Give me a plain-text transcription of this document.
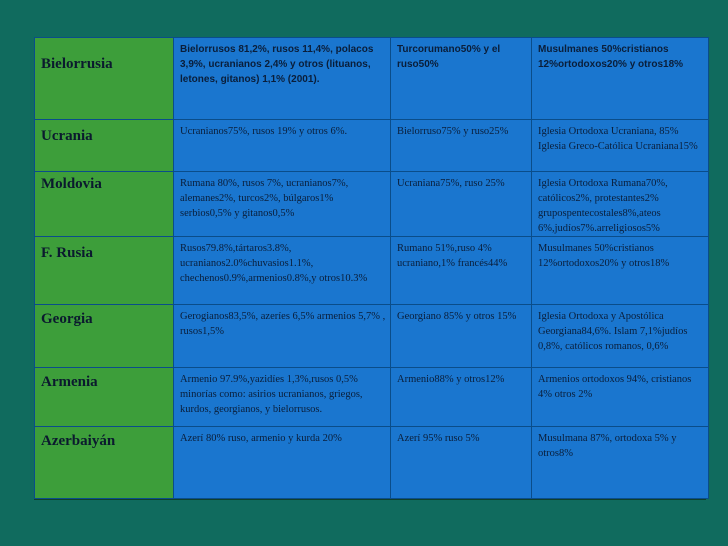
Bielorrusia	Bielorrusos 81,2%, rusos 11,4%, polacos 3,9%, ucranianos 2,4% y otros (lituanos, letones, gitanos) 1,1% (2001).	Turcorumano50% y el ruso50%	Musulmanes 50%cristianos 12%ortodoxos20% y otros18%

Ucrania	Ucranianos75%, rusos 19% y otros 6%.	Bielorruso75% y ruso25%	Iglesia Ortodoxa Ucraniana, 85% Iglesia Greco-Católica Ucraniana15%

Moldovia	Rumana 80%, rusos 7%, ucranianos7%, alemanes2%, turcos2%, búlgaros1% serbios0,5% y gitanos0,5%	Ucraniana75%, ruso 25%	Iglesia Ortodoxa Rumana70%, católicos2%, protestantes2% grupospentecostales8%,ateos 6%,judíos7%.arreligiosos5%

F. Rusia	Rusos79.8%,tártaros3.8%, ucranianos2.0%chuvasios1.1%, chechenos0.9%,armenios0.8%,y otros10.3%	Rumano 51%,ruso 4% ucraniano,1% francés44%	Musulmanes 50%cristianos 12%ortodoxos20% y otros18%

Georgia	Gerogianos83,5%, azeríes 6,5% armenios 5,7% , rusos1,5%	Georgiano 85% y otros 15%	Iglesia Ortodoxa y Apostólica Georgiana84,6%. Islam 7,1%judíos 0,8%, católicos romanos, 0,6%

Armenia	Armenio 97.9%,yazidíes 1,3%,rusos 0,5% minorías como: asirios ucranianos, griegos, kurdos, georgianos, y bielorrusos.	Armenio88% y otros12%	Armenios ortodoxos 94%, cristianos 4% otros 2%

Azerbaiyán	Azerí 80% ruso, armenio y kurda 20%	Azerí 95% ruso 5%	Musulmana 87%, ortodoxa 5% y otros8%
